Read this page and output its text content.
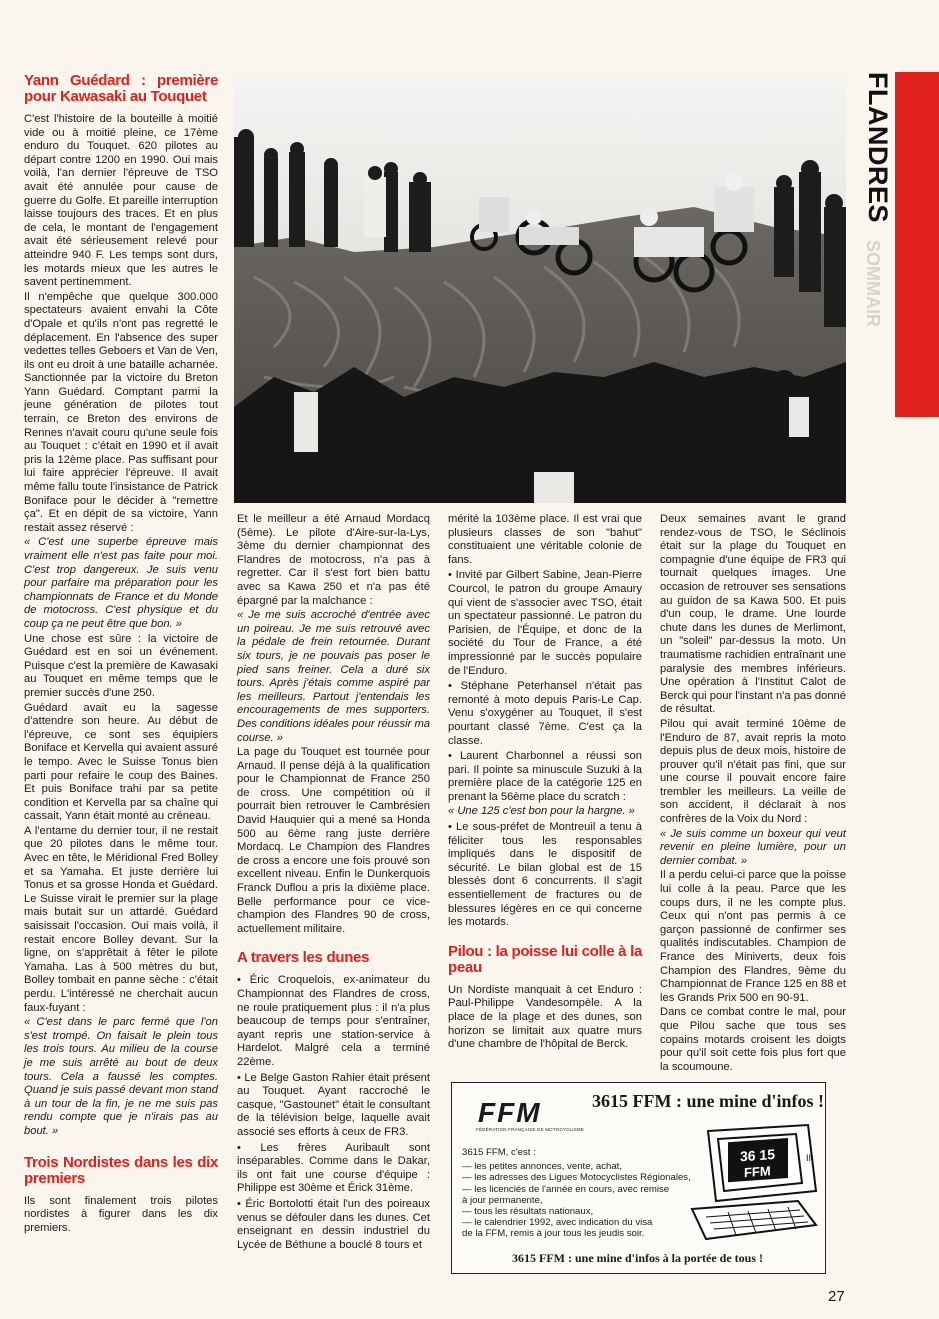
FLANDRES
SOMMAIR
Yann Guédard : première pour Kawasaki au Touquet

C'est l'histoire de la bouteille à moitié vide ou à moitié pleine, ce 17ème enduro du Touquet. 620 pilotes au départ contre 1200 en 1990. Oui mais voilà, l'an dernier l'épreuve de TSO avait été annulée pour cause de guerre du Golfe. Et pareille interruption laisse toujours des traces. Et en plus de cela, le montant de l'engagement avait été sérieusement relevé pour atteindre 940 F. Les temps sont durs, les motards mieux que les autres le savent pertinemment.

Il n'empêche que quelque 300.000 spectateurs avaient envahi la Côte d'Opale et qu'ils n'ont pas regretté le déplacement. En l'absence des super vedettes telles Geboers et Van de Ven, ils ont eu droit à une bataille acharnée. Sanctionnée par la victoire du Breton Yann Guédard. Comptant parmi la jeune génération de pilotes tout terrain, ce Breton des environs de Rennes n'avait couru qu'une seule fois au Touquet : c'était en 1990 et il avait pris la 12ème place. Pas suffisant pour lui faire apprécier l'épreuve. Il avait même fallu toute l'insistance de Patrick Boniface pour le décider à "remettre ça". Et en dépit de sa victoire, Yann restait assez réservé :

« C'est une superbe épreuve mais vraiment elle n'est pas faite pour moi. C'est trop dangereux. Je suis venu pour parfaire ma préparation pour les championnats de France et du Monde de motocross. C'est physique et du coup ça ne peut être que bon. »

Une chose est sûre : la victoire de Guédard est en soi un événement. Puisque c'est la première de Kawasaki au Touquet en même temps que le premier succès d'une 250.

Guédard avait eu la sagesse d'attendre son heure. Au début de l'épreuve, ce sont ses équipiers Boniface et Kervella qui avaient assuré le tempo. Avec le Suisse Tonus bien parti pour refaire le coup des Baines. Et puis Boniface trahi par sa petite condition et Kervella par sa chaîne qui cassait, Yann était monté au créneau.

A l'entame du dernier tour, il ne restait que 20 pilotes dans le même tour. Avec en tête, le Méridional Fred Bolley et sa Yamaha. Et juste derrière lui Tonus et sa grosse Honda et Guédard. Le Suisse virait le premier sur la plage mais butait sur un attardé. Guédard saisissait l'occasion. Oui mais voilà, il restait encore Bolley devant. Sur la ligne, on s'apprêtait à fêter le pilote Yamaha. Las à 500 mètres du but, Bolley tombait en panne sèche : c'était perdu. L'intéressé ne cherchait aucun faux-fuyant :

« C'est dans le parc fermé que l'on s'est trompé. On faisait le plein tous les trois tours. Au milieu de la course je me suis arrêté au bout de deux tours. Cela a faussé les comptes. Quand je suis passé devant mon stand à un tour de la fin, je ne me suis pas rendu compte que je n'irais pas au bout. »

Trois Nordistes dans les dix premiers

Ils sont finalement trois pilotes nordistes à figurer dans les dix premiers.

Et le meilleur a été Arnaud Mordacq (5ème). Le pilote d'Aire-sur-la-Lys, 3ème du dernier championnat des Flandres de motocross, n'a pas à regretter. Car il s'est fort bien battu avec sa Kawa 250 et n'a pas été épargné par la malchance :

« Je me suis accroché d'entrée avec un poireau. Je me suis retrouvé avec la pédale de frein retournée. Durant six tours, je ne pouvais pas poser le pied sans freiner. Cela a duré six tours. Après j'étais comme aspiré par les meilleurs. Partout j'entendais les encouragements de mes supporters. Des conditions idéales pour réussir ma course. »

La page du Touquet est tournée pour Arnaud. Il pense déjà à la qualification pour le Championnat de France 250 de cross. Une compétition où il pourrait bien retrouver le Cambrésien David Hauquier qui a mené sa Honda 500 au 6ème rang juste derrière Mordacq. Le Champion des Flandres de cross a encore une fois prouvé son excellent niveau. Enfin le Dunkerquois Franck Duflou a pris la dixième place. Belle performance pour ce vice-champion des Flandres 90 de cross, actuellement militaire.

A travers les dunes

• Éric Croquelois, ex-animateur du Championnat des Flandres de cross, ne roule pratiquement plus : il n'a plus beaucoup de temps pour s'entraîner, ayant repris une station-service à Hardelot. Malgré cela a terminé 22ème.

• Le Belge Gaston Rahier était présent au Touquet. Ayant raccroché le casque, "Gastounet" était le consultant de la télévision belge, laquelle avait associé ses efforts à ceux de FR3.

• Les frères Auribault sont inséparables. Comme dans le Dakar, ils ont fait une course d'équipe : Philippe est 30ème et Érick 31ème.

• Éric Bortolotti était l'un des poireaux venus se défouler dans les dunes. Cet enseignant en dessin industriel du Lycée de Béthune a bouclé 8 tours et

mérité la 103ème place. Il est vrai que plusieurs classes de son "bahut" constituaient une véritable colonie de fans.

• Invité par Gilbert Sabine, Jean-Pierre Courcol, le patron du groupe Amaury qui vient de s'associer avec TSO, était un spectateur passionné. Le patron du Parisien, de l'Équipe, et donc de la société du Tour de France, a été impressionné par le succès populaire de l'Enduro.

• Stéphane Peterhansel n'était pas remonté à moto depuis Paris-Le Cap. Venu s'oxygéner au Touquet, il s'est pourtant classé 7ème. C'est ça la classe.

• Laurent Charbonnel a réussi son pari. Il pointe sa minuscule Suzuki à la première place de la catégorie 125 en prenant la 56ème place du scratch :

« Une 125 c'est bon pour la hargne. »

• Le sous-préfet de Montreuil a tenu à féliciter tous les responsables impliqués dans le dispositif de sécurité. Le bilan global est de 15 blessés dont 6 concurrents. Il s'agit essentiellement de fractures ou de blessures légères en ce qui concerne les motards.

Pilou : la poisse lui colle à la peau

Un Nordiste manquait à cet Enduro : Paul-Philippe Vandesompèle. A la place de la plage et des dunes, son horizon se limitait aux quatre murs d'une chambre de l'hôpital de Berck.

Deux semaines avant le grand rendez-vous de TSO, le Séclinois était sur la plage du Touquet en compagnie d'une équipe de FR3 qui tournait quelques images. Une occasion de retrouver ses sensations au guidon de sa Kawa 500. Et puis d'un coup, le drame. Une lourde chute dans les dunes de Merlimont, un "soleil" par-dessus la moto. Un traumatisme rachidien entraînant une paralysie des membres inférieurs. Une opération à l'Institut Calot de Berck qui pour l'instant n'a pas donné de résultat.

Pilou qui avait terminé 10ème de l'Enduro de 87, avait repris la moto depuis plus de deux mois, histoire de prouver qu'il n'était pas fini, que sur une course il pouvait encore faire trembler les meilleurs. La veille de son accident, il déclarait à nos confrères de la Voix du Nord :

« Je suis comme un boxeur qui veut revenir en pleine lumière, pour un dernier combat. »

Il a perdu celui-ci parce que la poisse lui colle à la peau. Parce que les coups durs, il ne les compte plus. Ceux qui n'ont pas permis à ce garçon passionné de confirmer ses qualités indiscutables. Champion de France des Miniverts, deux fois Champion des Flandres, 9ème du Championnat de France 125 en 88 et les Grands Prix 500 en 90-91.

Dans ce combat contre le mal, pour que Pilou sache que tous ses copains motards croisent les doigts pour qu'il soit cette fois plus fort que la scoumoune.

FFM
FÉDÉRATION FRANÇAISE DE MOTOCYCLISME
3615 FFM : une mine d'infos !
3615 FFM, c'est :
— les petites annonces, vente, achat,
— les adresses des Ligues Motocyclistes Régionales,
— les licenciés de l'année en cours, avec remise
à jour permanente,
— tous les résultats nationaux,
— le calendrier 1992, avec indication du visa
de la FFM, remis à jour tous les jeudis soir.
36 15
FFM
III
3615 FFM : une mine d'infos à la portée de tous !
27
